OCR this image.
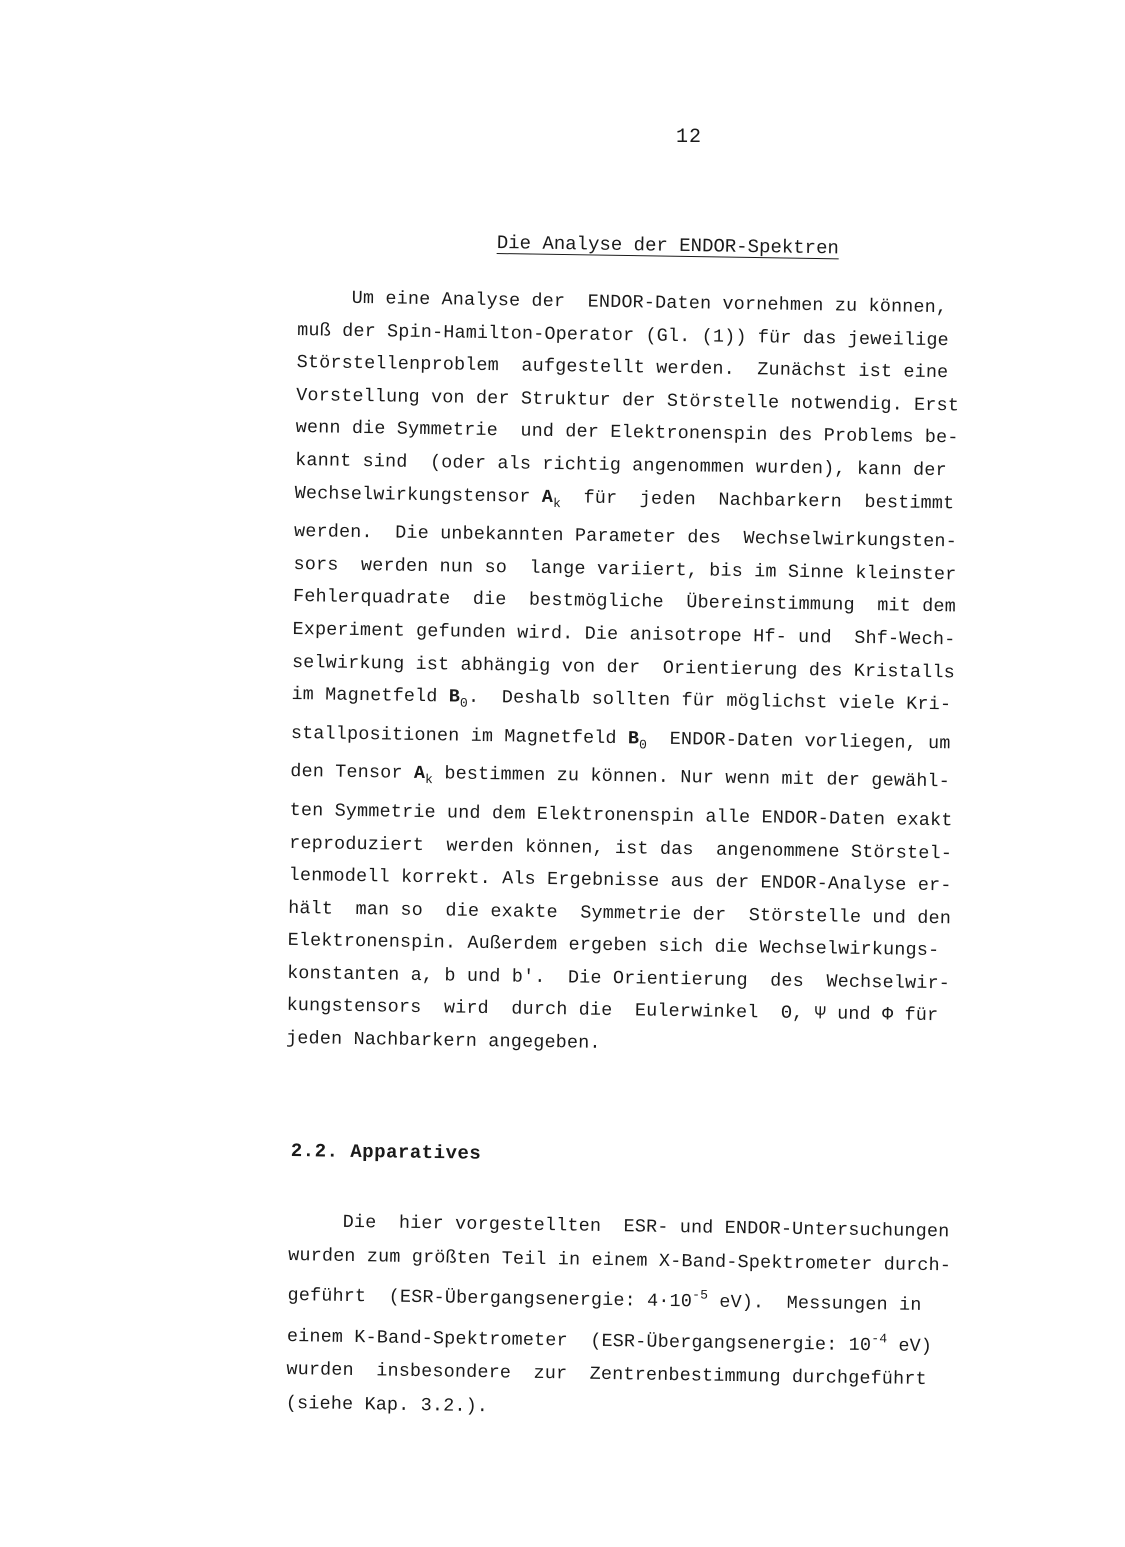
12
Die Analyse der ENDOR-Spektren
Um eine Analyse der  ENDOR-Daten vornehmen zu können,
muß der Spin-Hamilton-Operator (Gl. (1)) für das jeweilige
Störstellenproblem  aufgestellt werden.  Zunächst ist eine
Vorstellung von der Struktur der Störstelle notwendig. Erst
wenn die Symmetrie  und der Elektronenspin des Problems be-
kannt sind  (oder als richtig angenommen wurden), kann der
Wechselwirkungstensor $A_k$  für  jeden  Nachbarkern  bestimmt
werden.  Die unbekannten Parameter des  Wechselwirkungsten-
sors  werden nun so  lange variiert, bis im Sinne kleinster
Fehlerquadrate  die  bestmögliche  Übereinstimmung  mit dem
Experiment gefunden wird. Die anisotrope Hf- und  Shf-Wech-
selwirkung ist abhängig von der  Orientierung des Kristalls
im Magnetfeld $B_0$.  Deshalb sollten für möglichst viele Kri-
stallpositionen im Magnetfeld $B_0$  ENDOR-Daten vorliegen, um
den Tensor $A_k$ bestimmen zu können. Nur wenn mit der gewähl-
ten Symmetrie und dem Elektronenspin alle ENDOR-Daten exakt
reproduziert  werden können, ist das  angenommene Störstel-
lenmodell korrekt. Als Ergebnisse aus der ENDOR-Analyse er-
hält  man so  die exakte  Symmetrie der  Störstelle und den
Elektronenspin. Außerdem ergeben sich die Wechselwirkungs-
konstanten a, b und b'.  Die Orientierung  des  Wechselwir-
kungstensors  wird  durch die  Eulerwinkel  Θ, Ψ und Φ für
jeden Nachbarkern angegeben.
2.2. Apparatives
Die  hier vorgestellten  ESR- und ENDOR-Untersuchungen
wurden zum größten Teil in einem X-Band-Spektrometer durch-
geführt  (ESR-Übergangsenergie: $4\cdot 10^{-5}$ eV).  Messungen in
einem K-Band-Spektrometer  (ESR-Übergangsenergie: $10^{-4}$ eV)
wurden  insbesondere  zur  Zentrenbestimmung durchgeführt
(siehe Kap. 3.2.).
